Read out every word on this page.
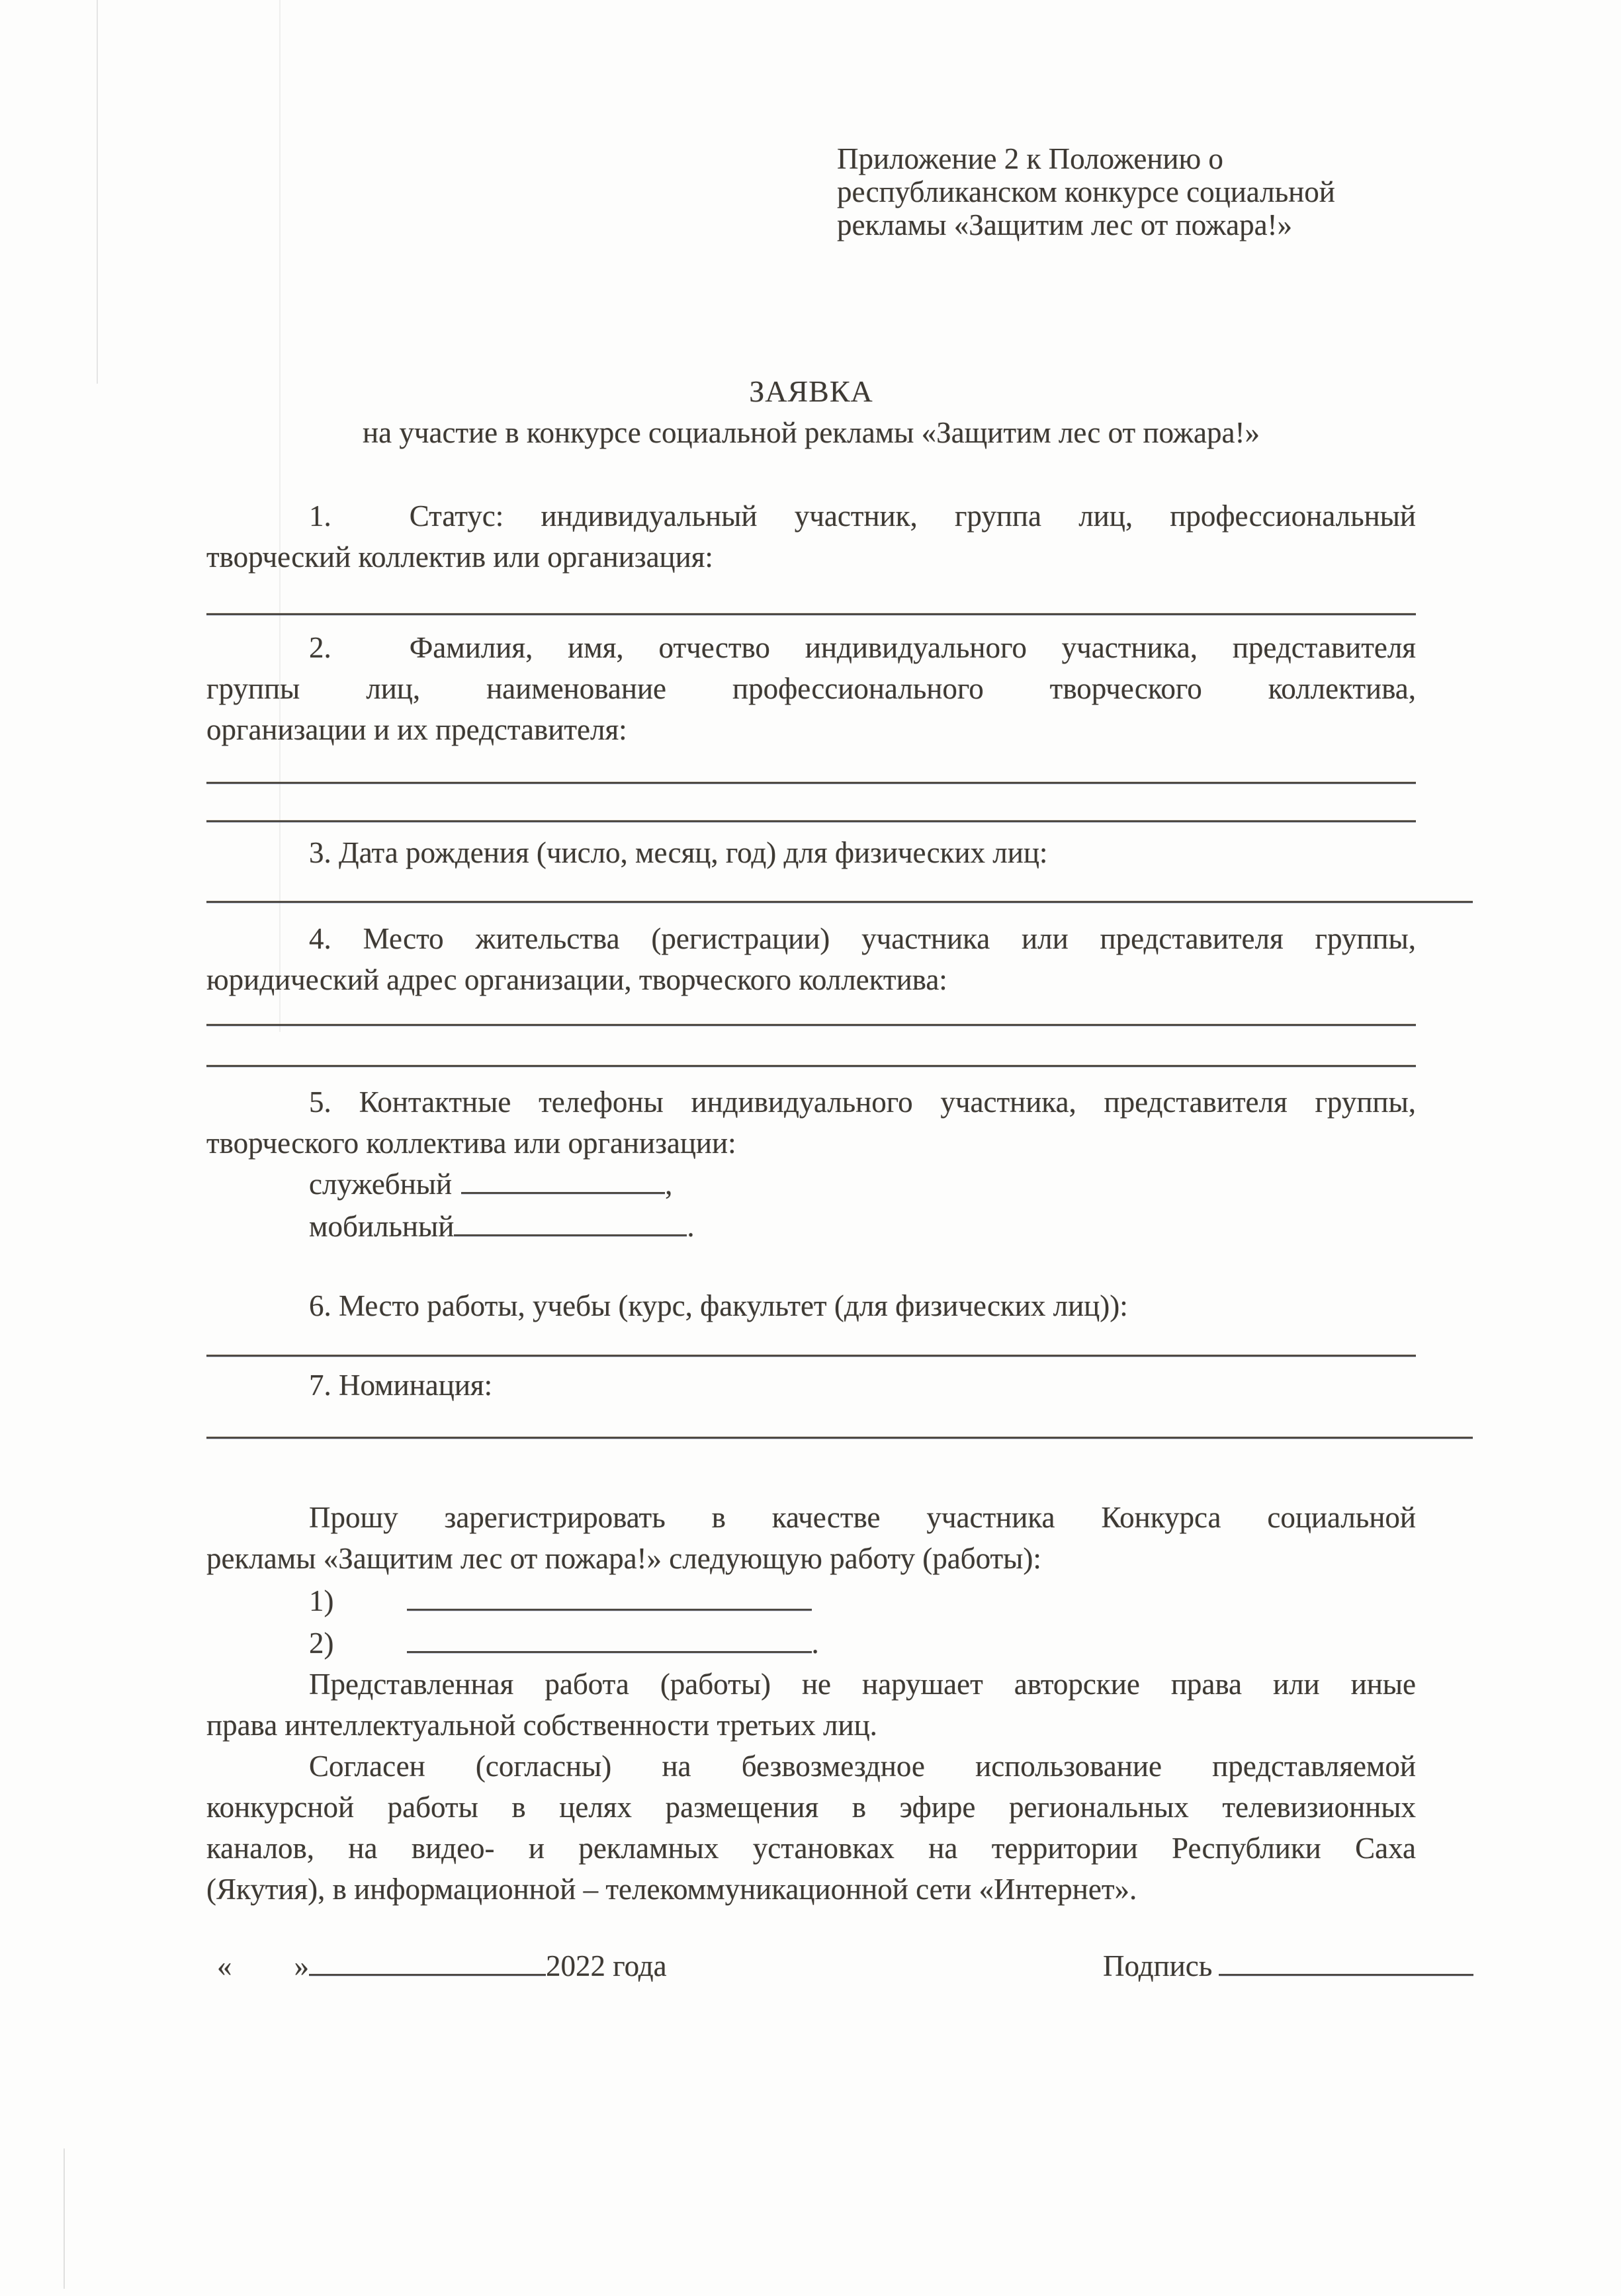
Приложение 2 к Положению о
республиканском конкурсе социальной
рекламы «Защитим лес от пожара!»
ЗАЯВКА
на участие в конкурсе социальной рекламы «Защитим лес от пожара!»
1.	Статус: индивидуальный участник, группа лиц, профессиональный
творческий коллектив или организация:
2.	Фамилия, имя, отчество индивидуального участника, представителя
группы лиц, наименование профессионального творческого коллектива,
организации и их представителя:
3. Дата рождения (число, месяц, год) для физических лиц:
4. Место жительства (регистрации) участника или представителя группы,
юридический адрес организации, творческого коллектива:
5. Контактные телефоны индивидуального участника, представителя группы,
творческого коллектива или организации:
служебный	,
мобильный	.
6. Место работы, учебы (курс, факультет (для физических лиц)):
7. Номинация:
Прошу зарегистрировать в качестве участника Конкурса социальной
рекламы «Защитим лес от пожара!» следующую работу (работы):
1)
2)	.
Представленная работа (работы) не нарушает авторские права или иные
права интеллектуальной собственности третьих лиц.
Согласен (согласны) на безвозмездное использование представляемой
конкурсной работы в целях размещения в эфире региональных телевизионных
каналов, на видео- и рекламных установках на территории Республики Саха
(Якутия), в информационной – телекоммуникационной сети «Интернет».
« »	2022 года	Подпись
